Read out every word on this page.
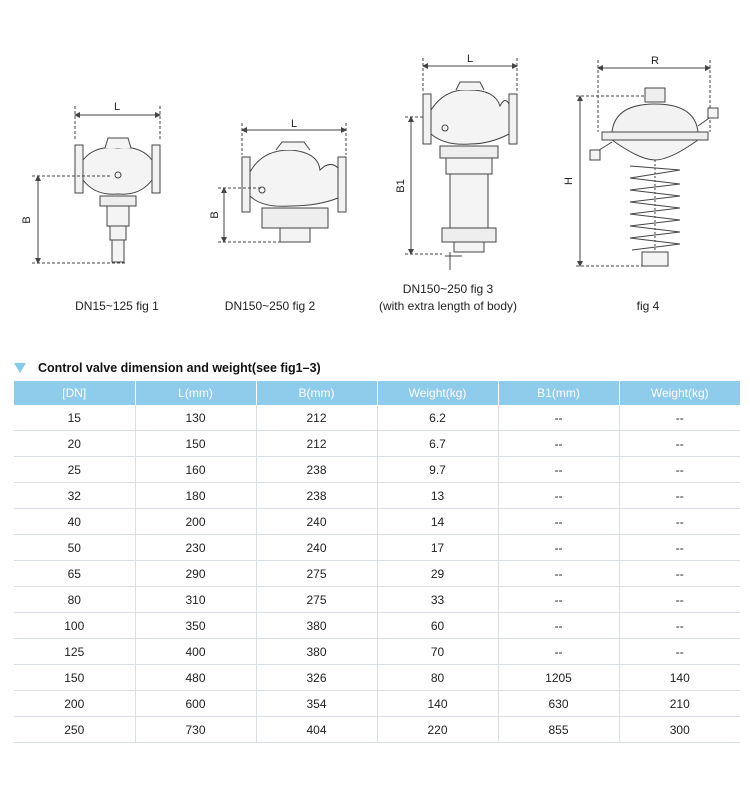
L
B
L
B
L
B1
R
H
DN15~125 fig 1	DN150~250 fig 2
DN150~250 fig 3
(with extra length of body)	fig 4
Control valve dimension and weight(see fig1–3)
[DN]	L(mm)	B(mm)	Weight(kg)	B1(mm)	Weight(kg)
15	130	212	6.2	--	--
20	150	212	6.7	--	--
25	160	238	9.7	--	--
32	180	238	13	--	--
40	200	240	14	--	--
50	230	240	17	--	--
65	290	275	29	--	--
80	310	275	33	--	--
100	350	380	60	--	--
125	400	380	70	--	--
150	480	326	80	1205	140
200	600	354	140	630	210
250	730	404	220	855	300
